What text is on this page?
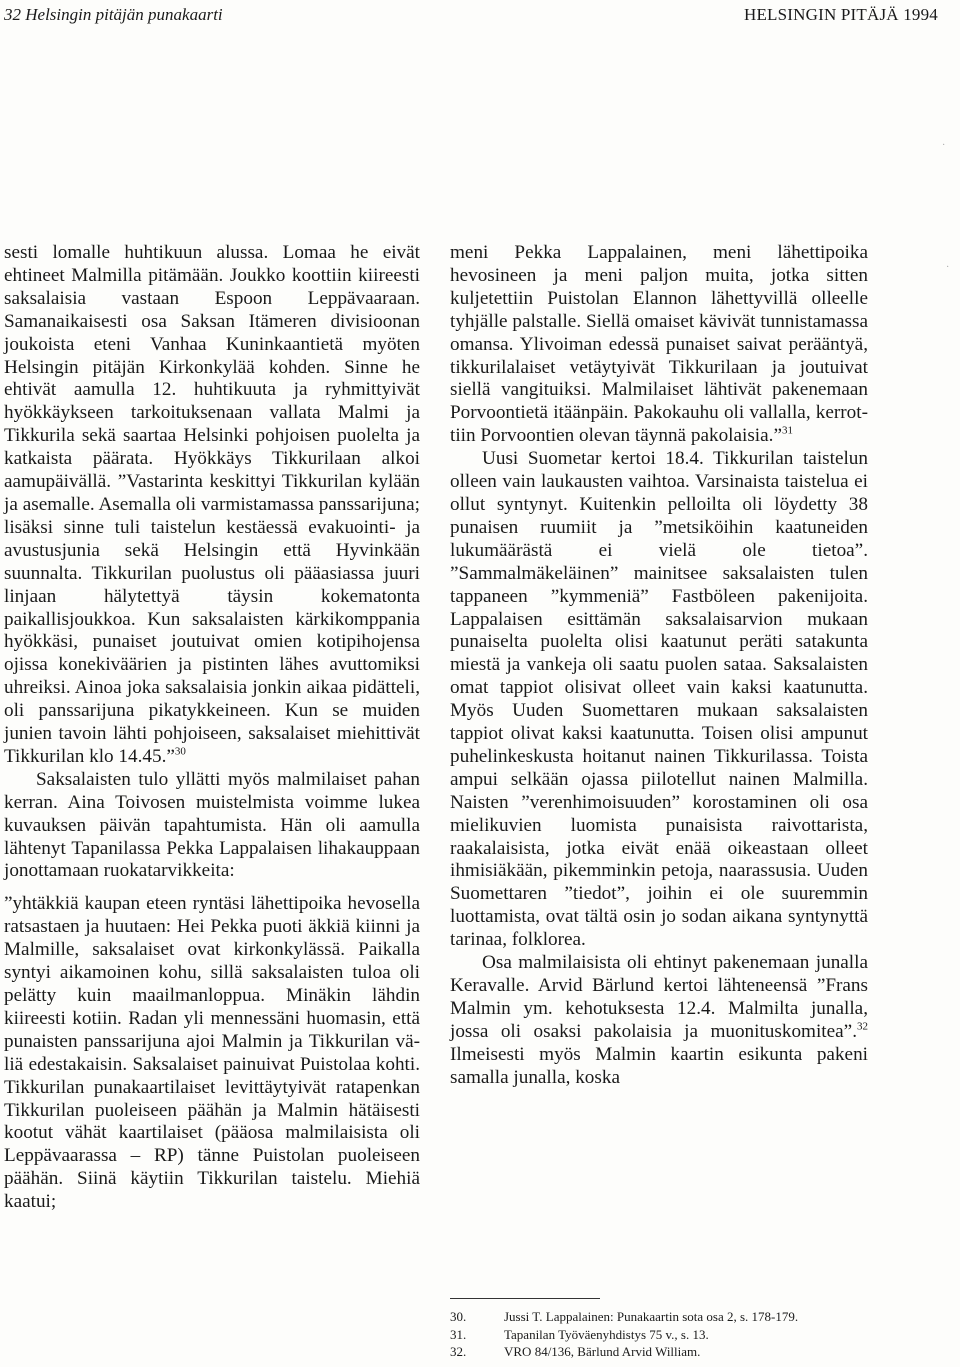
32 Helsingin pitäjän punakaarti	HELSINGIN PITÄJÄ 1994

sesti lomalle huhtikuun alussa. Lomaa he eivät ehtineet Malmilla pitämään. Joukko koottiin kiireesti saksalaisia vastaan Espoon Leppävaaraan. Samanaikaisesti osa Saksan Itämeren divisioonan joukoista eteni Vanhaa Kuninkaantietä myöten Helsingin pitäjän Kirkonkylää kohden. Sinne he ehtivät aamulla 12. huhtikuuta ja ryhmittyivät hyökkäykseen tarkoituksenaan vallata Malmi ja Tikkurila sekä saartaa Helsinki pohjoisen puolelta ja katkaista päärata. Hyökkäys Tikkurilaan alkoi aamupäivällä. ”Vastarinta keskittyi Tikkurilan kylään ja asemalle. Asemalla oli varmistamassa panssarijuna; lisäksi sinne tuli taistelun kestäessä evakuointi- ja avustusjunia sekä Helsingin että Hyvinkään suunnalta. Tikkurilan puolustus oli pääasiassa juuri linjaan hälytettyä täysin kokematonta paikallisjoukkoa. Kun saksalaisten kärkikomppania hyökkäsi, punaiset joutuivat omien kotipihojensa ojissa konekiväärien ja pistinten lähes avuttomiksi uhreiksi. Ainoa joka saksalaisia jonkin aikaa pidätteli, oli panssarijuna pikatykkeineen. Kun se muiden junien tavoin lähti pohjoiseen, saksalaiset miehittivät Tikkurilan klo 14.45.”$^{30}$

Saksalaisten tulo yllätti myös malmilaiset pahan kerran. Aina Toivosen muistelmista voimme lukea kuvauksen päivän tapahtumista. Hän oli aamulla lähtenyt Tapanilassa Pekka Lappalaisen lihakauppaan jonottamaan ruokatarvikkeita:

”yhtäkkiä kaupan eteen ryntäsi lähettipoika hevosella ratsastaen ja huutaen: Hei Pekka puoti äkkiä kiinni ja Malmille, saksalaiset ovat kirkonkylässä. Paikalla syntyi aikamoinen kohu, sillä saksalaisten tuloa oli pelätty kuin maailmanloppua. Minäkin lähdin kiireesti kotiin. Radan yli mennessäni huomasin, että punaisten panssarijuna ajoi Malmin ja Tikkurilan väliä edestakaisin. Saksalaiset painuivat Puistolaa kohti. Tikkurilan punakaartilaiset levittäytyivät ratapenkan Tikkurilan puoleiseen päähän ja Malmin hätäisesti kootut vähät kaartilaiset (pääosa malmilaisista oli Leppävaarassa – RP) tänne Puistolan puoleiseen päähän. Siinä käytiin Tikkurilan taistelu. Miehiä kaatui;

meni Pekka Lappalainen, meni lähettipoika hevosineen ja meni paljon muita, jotka sitten kuljetettiin Puistolan Elannon lähettyvillä olleelle tyhjälle palstalle. Siellä omaiset kävivät tunnistamassa omansa. Ylivoiman edessä punaiset saivat perääntyä, tikkurilalaiset vetäytyivät Tikkurilaan ja joutuivat siellä vangituiksi. Malmilaiset lähtivät pakenemaan Porvoontietä itäänpäin. Pakokauhu oli vallalla, kerrottiin Porvoontien olevan täynnä pakolaisia.”$^{31}$

Uusi Suometar kertoi 18.4. Tikkurilan taistelun olleen vain laukausten vaihtoa. Varsinaista taistelua ei ollut syntynyt. Kuitenkin pelloilta oli löydetty 38 punaisen ruumiit ja ”metsiköihin kaatuneiden lukumäärästä ei vielä ole tietoa”. ”Sammalmäkeläinen” mainitsee saksalaisten tulen tappaneen ”kymmeniä” Fastböleen pakenijoita. Lappalaisen esittämän saksalaisarvion mukaan punaiselta puolelta olisi kaatunut peräti satakunta miestä ja vankeja oli saatu puolen sataa. Saksalaisten omat tappiot olisivat olleet vain kaksi kaatunutta. Myös Uuden Suomettaren mukaan saksalaisten tappiot olivat kaksi kaatunutta. Toisen olisi ampunut puhelinkeskusta hoitanut nainen Tikkurilassa. Toista ampui selkään ojassa piilotellut nainen Malmilla. Naisten ”verenhimoisuuden” korostaminen oli osa mielikuvien luomista punaisista raivottarista, raakalaisista, jotka eivät enää oikeastaan olleet ihmisiäkään, pikemminkin petoja, naarassusia. Uuden Suomettaren ”tiedot”, joihin ei ole suuremmin luottamista, ovat tältä osin jo sodan aikana syntynyttä tarinaa, folklorea.

Osa malmilaisista oli ehtinyt pakenemaan junalla Keravalle. Arvid Bärlund kertoi lähteneensä ”Frans Malmin ym. kehotuksesta 12.4. Malmilta junalla, jossa oli osaksi pakolaisia ja muonituskomitea”.$^{32}$ Ilmeisesti myös Malmin kaartin esikunta pakeni samalla junalla, koska

30.	Jussi T. Lappalainen: Punakaartin sota osa 2, s. 178-179.
31.	Tapanilan Työväenyhdistys 75 v., s. 13.
32.	VRO 84/136, Bärlund Arvid William.
·
·
